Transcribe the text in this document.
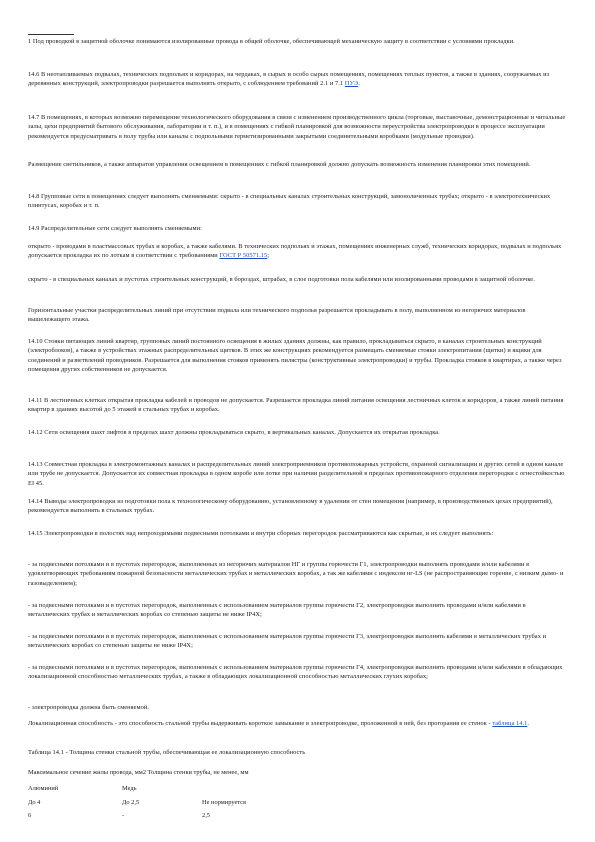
1 Под проводкой в защитной оболочке понимаются изолированные провода в общей оболочке, обеспечивающей механическую защиту в соответствии с условиями прокладки.

14.6 В неотапливаемых подвалах, технических подпольях и коридорах, на чердаках, в сырых и особо сырых помещениях, помещениях теплых пунктов, а также в зданиях, сооружаемых из деревянных конструкций, электропроводки разрешается выполнять открыто, с соблюдением требований 2.1 и 7.1 ПУЭ.

14.7 В помещениях, в которых возможно перемещение технологического оборудования в связи с изменением производственного цикла (торговые, выставочные, демонстрационные и читальные залы, цехи предприятий бытового обслуживания, лаборатории и т. п.), и в помещениях с гибкой планировкой для возможности переустройства электропроводки в процессе эксплуатации рекомендуется предусматривать в полу трубы или каналы с подпольными герметизированными закрытыми соединительными коробками (модульные проводки).

Размещение светильников, а также аппаратов управления освещением в помещениях с гибкой планировкой должно допускать возможность изменения планировки этих помещений.

14.8 Групповые сети в помещениях следует выполнять сменяемыми: скрыто - в специальных каналах строительных конструкций, замоноличенных трубах; открыто - в электротехнических плинтусах, коробах и т. п.

14.9 Распределительные сети следует выполнять сменяемыми:

открыто - проводами в пластмассовых трубах и коробах, а также кабелями. В технических подпольях и этажах, помещениях инженерных служб, технических коридорах, подвалах и подпольях допускается прокладка их по лоткам в соответствии с требованиями ГОСТ Р 50571.15;

скрыто - в специальных каналах и пустотах строительных конструкций, в бороздах, штрабах, в слое подготовки пола кабелями или изолированными проводами в защитной оболочке.

Горизонтальные участки распределительных линий при отсутствии подвала или технического подполья разрешается прокладывать в полу, выполненном из негорючих материалов вышележащего этажа.

14.10 Стояки питающих линий квартир, групповых линий постоянного освещения в жилых зданиях должны, как правило, прокладываться скрыто, в каналах строительных конструкций (электроблоков), а также в устройствах этажных распределительных щитков. В этих же конструкциях рекомендуется размещать сменяемые стояки электропитания (щитки) и ящики для соединений и разветвлений проводников. Разрешается для выполнения стояков применять пилястры (конструктивные электропроводки) и трубы. Прокладка стояков в квартирах, а также через помещения других собственников не допускается.

14.11 В лестничных клетках открытая прокладка кабелей и проводов не допускается. Разрешается прокладка линий питания освещения лестничных клеток и коридоров, а также линий питания квартир в зданиях высотой до 5 этажей в стальных трубах и коробах.

14.12 Сети освещения шахт лифтов в пределах шахт должны прокладываться скрыто, в вертикальных каналах. Допускается их открытая прокладка.

14.13 Совместная прокладка в электромонтажных каналах и распределительных линий электроприемников противопожарных устройств, охранной сигнализации и других сетей в одном канале или трубе не допускается. Допускается их совместная прокладка в одном коробе или лотке при наличии разделительной в пределах противопожарного отделения перегородки с огнестойкостью EI 45.

14.14 Выводы электропроводки из подготовки пола к технологическому оборудованию, установленному в удалении от стен помещения (например, в производственных цехах предприятий), рекомендуется выполнять в стальных трубах.

14.15 Электропроводки в полостях над непроходимыми подвесными потолками и внутри сборных перегородок рассматриваются как скрытые, и их следует выполнять:

- за подвесными потолками и в пустотах перегородок, выполненных из негорючих материалов НГ и группы горючести Г1, электропроводки выполнять проводами и/или кабелями в удовлетворяющих требованиям пожарной безопасности металлических трубах и металлических коробах, а так же кабелями с индексом нг-LS (не распространяющие горение, с низким дымо- и газовыделением);

- за подвесными потолками и в пустотах перегородок, выполненных с использованием материалов группы горючести Г2, электропроводки выполнять проводами и/или кабелями в металлических трубах и металлических коробах со степенью защиты не ниже IP4X;

- за подвесными потолками и в пустотах перегородок, выполненных с использованием материалов группы горючести Г3, электропроводки выполнять кабелями в металлических трубах и металлических коробах со степенью защиты не ниже IP4X;

- за подвесными потолками и в пустотах перегородок, выполненных с использованием материалов группы горючести Г4, электропроводки выполнять проводами и/или кабелями в обладающих локализационной способностью металлических трубах, а также в обладающих локализационной способностью металлических глухих коробах;

- электропроводка должна быть сменяемой.

Локализационная способность - это способность стальной трубы выдерживать короткое замыкание в электропроводке, проложенной в ней, без прогорания ее стенок - таблица 14.1.

Таблица 14.1 - Толщина стенки стальной трубы, обеспечивающая ее локализационную способность

Максимальное сечение жилы провода, мм2 Толщина стенки трубы, не менее, мм
Алюминий	Медь
До 4	До 2,5	Не нормируется
6	-	2,5
